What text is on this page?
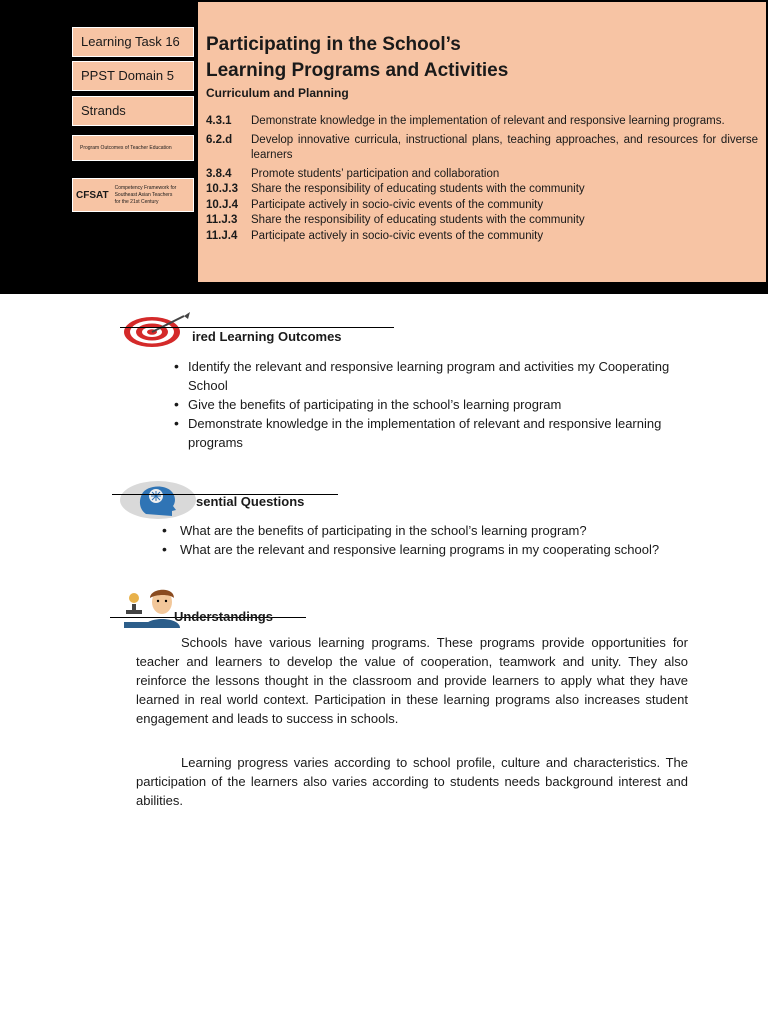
Learning Task 16
PPST Domain 5
Strands
Program Outcomes of Teacher Education
CFSAT
Competency Framework for
Southeast Asian Teachers
for the 21st Century
Participating in the School’s
Learning Programs and Activities
Curriculum and Planning
4.3.1	Demonstrate knowledge in the implementation of relevant and responsive learning programs.
6.2.d	Develop innovative curricula, instructional plans, teaching approaches, and resources for diverse learners
3.8.4	Promote students’ participation and collaboration
10.J.3	Share the responsibility of educating students with the community
10.J.4	Participate actively in socio-civic events of the community
11.J.3	Share the responsibility of educating students with the community
11.J.4	Participate actively in socio-civic events of the community
ired Learning Outcomes
• Identify the relevant and responsive learning program and activities my Cooperating School
• Give the benefits of participating in the school’s learning program
• Demonstrate knowledge in the implementation of relevant and responsive learning programs
sential Questions
• What are the benefits of participating in the school’s learning program?
• What are the relevant and responsive learning programs in my cooperating school?
Understandings

Schools have various learning programs. These programs provide opportunities for teacher and learners to develop the value of cooperation, teamwork and unity. They also reinforce the lessons thought in the classroom and provide learners to apply what they have learned in real world context. Participation in these learning programs also increases student engagement and leads to success in schools.

Learning progress varies according to school profile, culture and characteristics. The participation of the learners also varies according to students needs background interest and abilities.
